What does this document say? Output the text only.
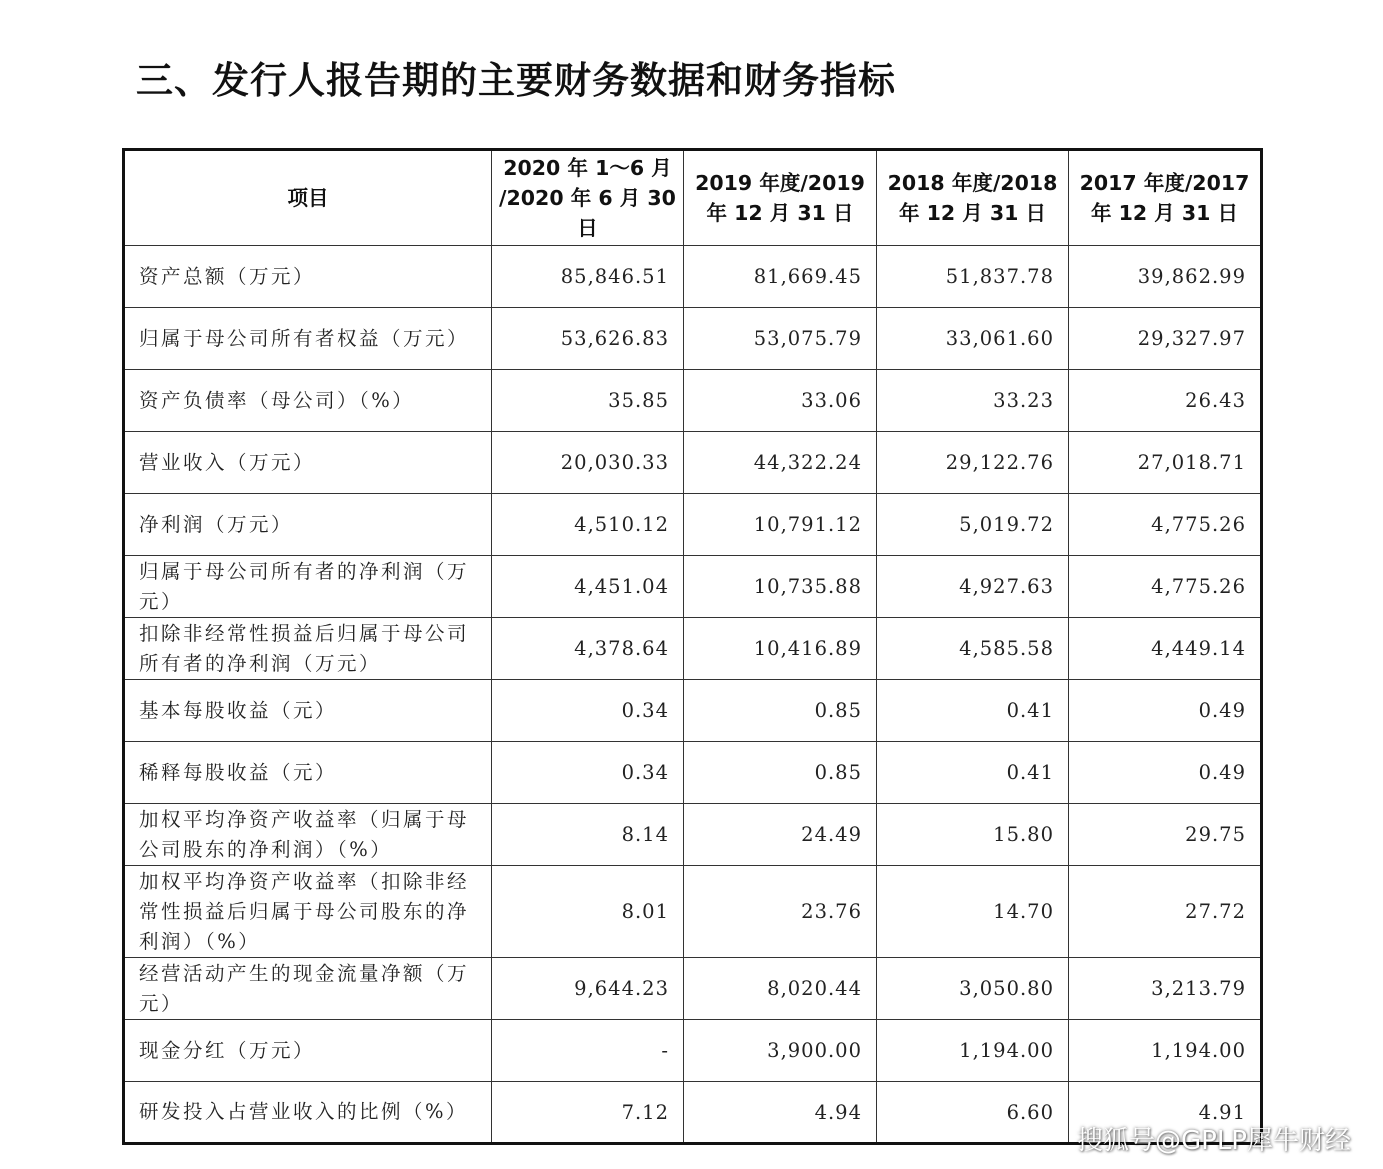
三、发行人报告期的主要财务数据和财务指标
项目	2020 年 1～6 月 /2020 年 6 月 30 日	2019 年度/2019 年 12 月 31 日	2018 年度/2018 年 12 月 31 日	2017 年度/2017 年 12 月 31 日
资产总额（万元）	85,846.51	81,669.45	51,837.78	39,862.99
归属于母公司所有者权益（万元）	53,626.83	53,075.79	33,061.60	29,327.97
资产负债率（母公司）（%）	35.85	33.06	33.23	26.43
营业收入（万元）	20,030.33	44,322.24	29,122.76	27,018.71
净利润（万元）	4,510.12	10,791.12	5,019.72	4,775.26
归属于母公司所有者的净利润（万元）	4,451.04	10,735.88	4,927.63	4,775.26
扣除非经常性损益后归属于母公司所有者的净利润（万元）	4,378.64	10,416.89	4,585.58	4,449.14
基本每股收益（元）	0.34	0.85	0.41	0.49
稀释每股收益（元）	0.34	0.85	0.41	0.49
加权平均净资产收益率（归属于母公司股东的净利润）（%）	8.14	24.49	15.80	29.75
加权平均净资产收益率（扣除非经常性损益后归属于母公司股东的净利润）（%）	8.01	23.76	14.70	27.72
经营活动产生的现金流量净额（万元）	9,644.23	8,020.44	3,050.80	3,213.79
现金分红（万元）	-	3,900.00	1,194.00	1,194.00
研发投入占营业收入的比例（%）	7.12	4.94	6.60	4.91
搜狐号@GPLP犀牛财经
